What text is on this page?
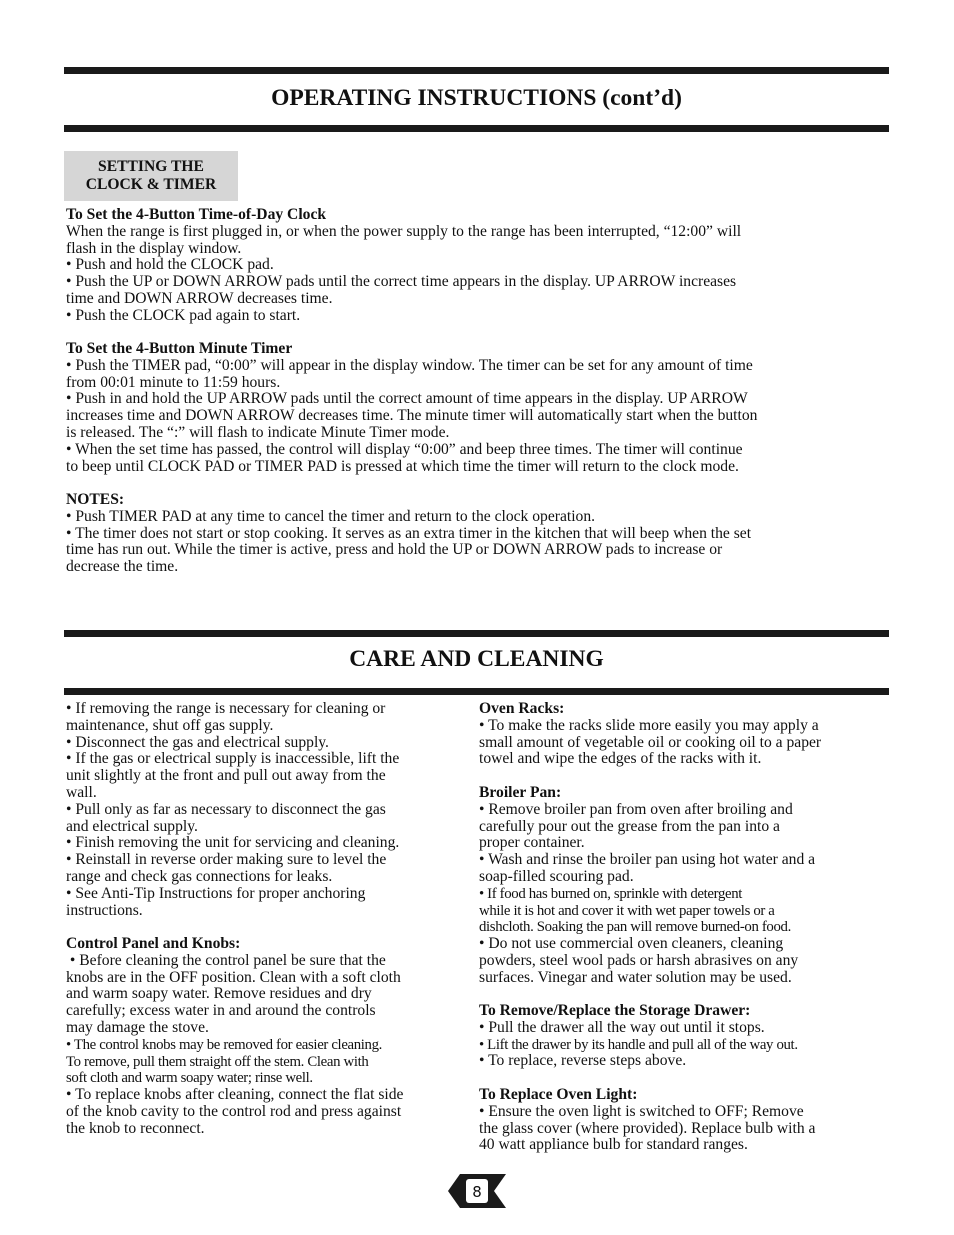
OPERATING INSTRUCTIONS (cont’d)
SETTING THE
CLOCK & TIMER
To Set the 4-Button Time-of-Day Clock
When the range is first plugged in, or when the power supply to the range has been interrupted, “12:00” will
flash in the display window.
• Push and hold the CLOCK pad.
• Push the UP or DOWN ARROW pads until the correct time appears in the display. UP ARROW increases
time and DOWN ARROW decreases time.
• Push the CLOCK pad again to start.
To Set the 4-Button Minute Timer
• Push the TIMER pad, “0:00” will appear in the display window. The timer can be set for any amount of time
from 00:01 minute to 11:59 hours.
• Push in and hold the UP ARROW pads until the correct amount of time appears in the display. UP ARROW
increases time and DOWN ARROW decreases time. The minute timer will automatically start when the button
is released. The “:” will flash to indicate Minute Timer mode.
• When the set time has passed, the control will display “0:00” and beep three times. The timer will continue
to beep until CLOCK PAD or TIMER PAD is pressed at which time the timer will return to the clock mode.
NOTES:
• Push TIMER PAD at any time to cancel the timer and return to the clock operation.
• The timer does not start or stop cooking. It serves as an extra timer in the kitchen that will beep when the set
time has run out. While the timer is active, press and hold the UP or DOWN ARROW pads to increase or
decrease the time.
CARE AND CLEANING
• If removing the range is necessary for cleaning or
maintenance, shut off gas supply.
• Disconnect the gas and electrical supply.
• If the gas or electrical supply is inaccessible, lift the
unit slightly at the front and pull out away from the
wall.
• Pull only as far as necessary to disconnect the gas
and electrical supply.
• Finish removing the unit for servicing and cleaning.
• Reinstall in reverse order making sure to level the
range and check gas connections for leaks.
• See Anti-Tip Instructions for proper anchoring
instructions.
Control Panel and Knobs:
• Before cleaning the control panel be sure that the
knobs are in the OFF position. Clean with a soft cloth
and warm soapy water. Remove residues and dry
carefully; excess water in and around the controls
may damage the stove.
• The control knobs may be removed for easier cleaning.
To remove, pull them straight off the stem. Clean with
soft cloth and warm soapy water; rinse well.
• To replace knobs after cleaning, connect the flat side
of the knob cavity to the control rod and press against
the knob to reconnect.
Oven Racks:
• To make the racks slide more easily you may apply a
small amount of vegetable oil or cooking oil to a paper
towel and wipe the edges of the racks with it.
Broiler Pan:
• Remove broiler pan from oven after broiling and
carefully pour out the grease from the pan into a
proper container.
• Wash and rinse the broiler pan using hot water and a
soap-filled scouring pad.
• If food has burned on, sprinkle with detergent
while it is hot and cover it with wet paper towels or a
dishcloth. Soaking the pan will remove burned-on food.
• Do not use commercial oven cleaners, cleaning
powders, steel wool pads or harsh abrasives on any
surfaces. Vinegar and water solution may be used.
To Remove/Replace the Storage Drawer:
• Pull the drawer all the way out until it stops.
• Lift the drawer by its handle and pull all of the way out.
• To replace, reverse steps above.
To Replace Oven Light:
• Ensure the oven light is switched to OFF; Remove
the glass cover (where provided). Replace bulb with a
40 watt appliance bulb for standard ranges.
8
